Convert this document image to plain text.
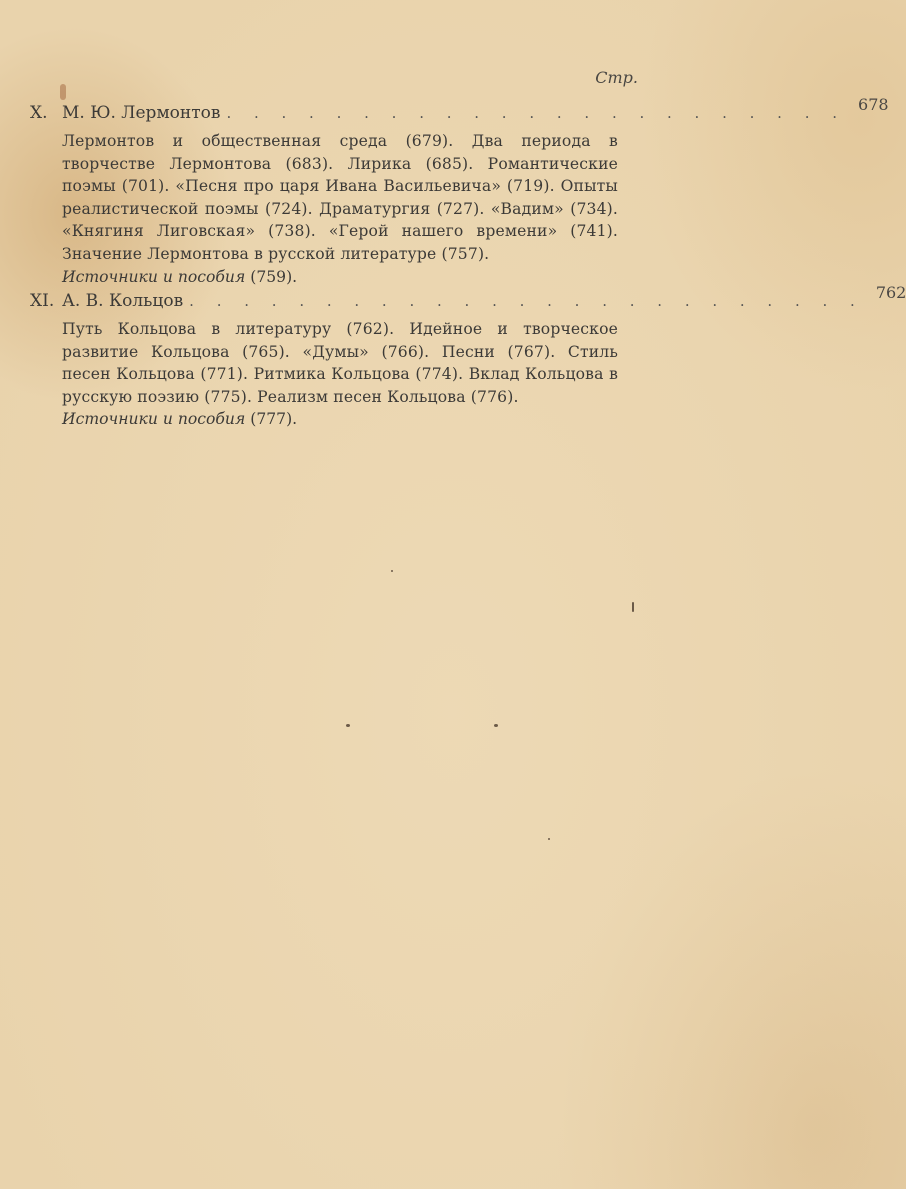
Стр.
X. М. Ю. Лермонтов . . . . . . . . . . . . . . . . . . . . . . . 678
Лермонтов и общественная среда (679). Два периода в творчестве Лермонтова (683). Лирика (685). Романтические поэмы (701). «Песня про царя Ивана Васильевича» (719). Опыты реалистической поэмы (724). Драматургия (727). «Вадим» (734). «Княгиня Лиговская» (738). «Герой нашего времени» (741). Значение Лермонтова в русской литературе (757).
Источники и пособия (759).
XI. А. В. Кольцов . . . . . . . . . . . . . . . . . . . . . . . . . 762
Путь Кольцова в литературу (762). Идейное и творческое развитие Кольцова (765). «Думы» (766). Песни (767). Стиль песен Кольцова (771). Ритмика Кольцова (774). Вклад Кольцова в русскую поэзию (775). Реализм песен Кольцова (776).
Источники и пособия (777).
